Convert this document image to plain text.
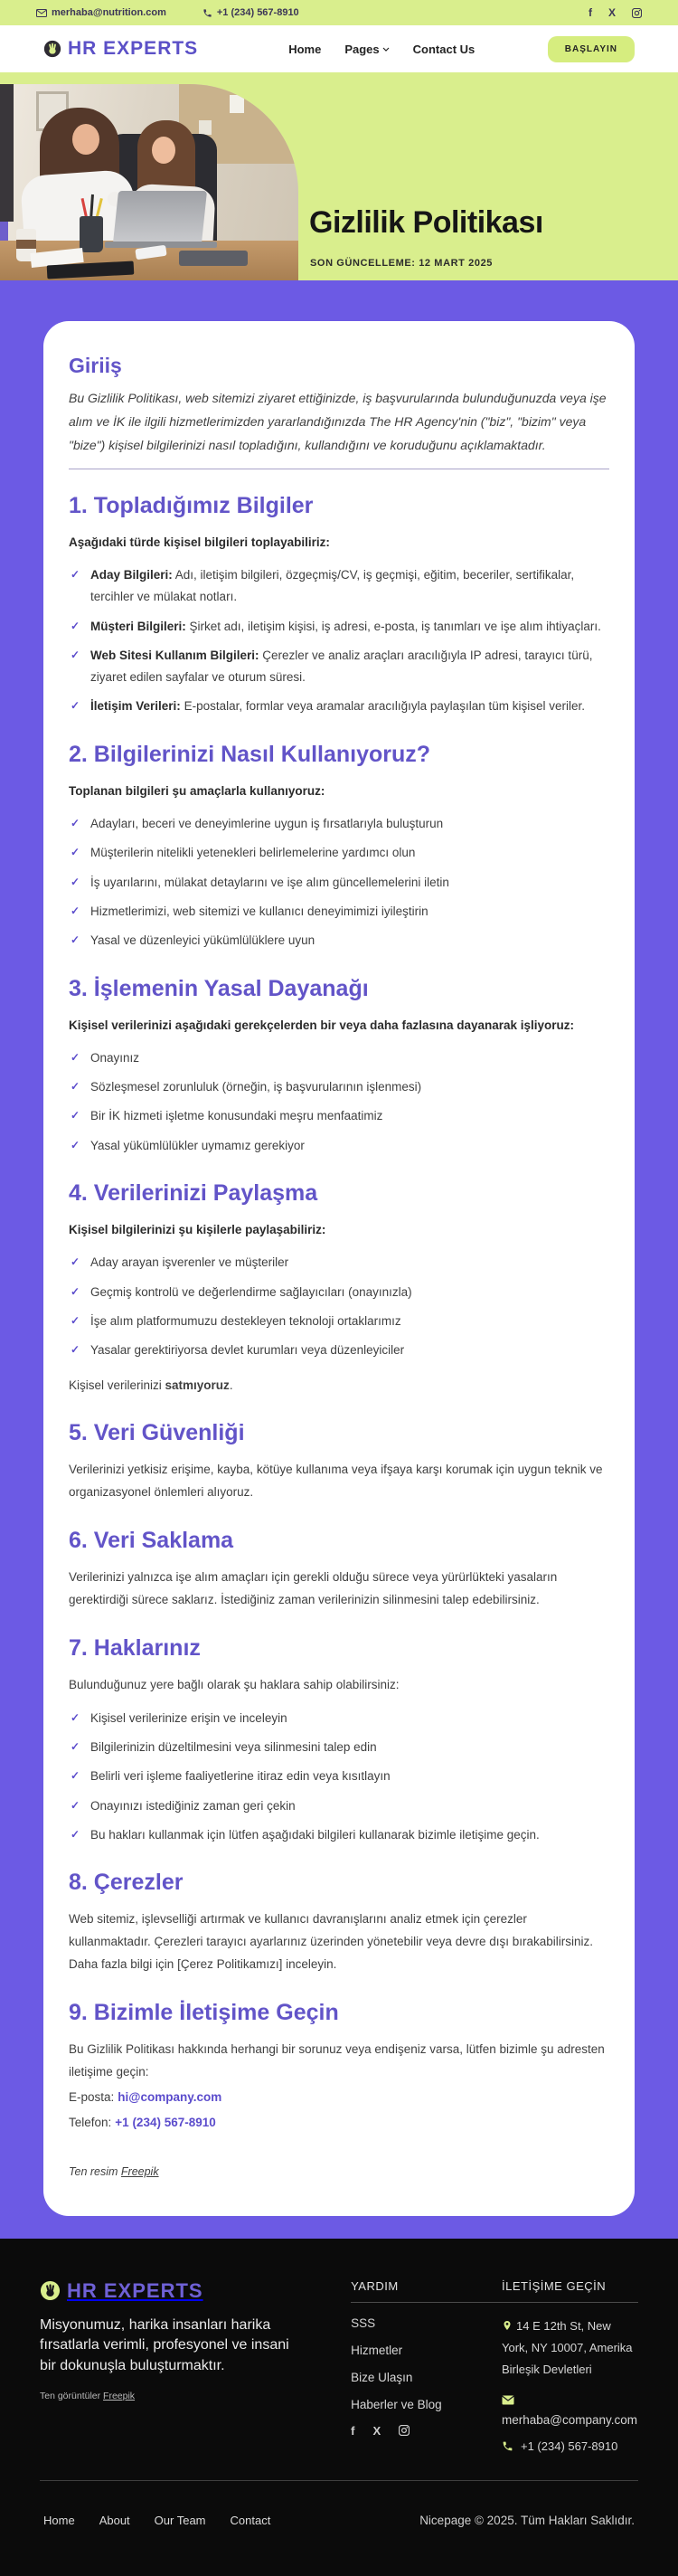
merhaba@nutrition.com	+1 (234) 567-8910	f X
HR EXPERTS	Home Pages	Contact Us	BAŞLAYIN
Gizlilik Politikası

SON GÜNCELLEME: 12 MART 2025

Giriiş

Bu Gizlilik Politikası, web sitemizi ziyaret ettiğinizde, iş başvurularında bulunduğunuzda veya işe alım ve İK ile ilgili hizmetlerimizden yararlandığınızda The HR Agency'nin ("biz", "bizim" veya "bize") kişisel bilgilerinizi nasıl topladığını, kullandığını ve koruduğunu açıklamaktadır.

1. Topladığımız Bilgiler

Aşağıdaki türde kişisel bilgileri toplayabiliriz:

✓ Aday Bilgileri: Adı, iletişim bilgileri, özgeçmiş/CV, iş geçmişi, eğitim, beceriler, sertifikalar, tercihler ve mülakat notları.
✓ Müşteri Bilgileri: Şirket adı, iletişim kişisi, iş adresi, e-posta, iş tanımları ve işe alım ihtiyaçları.
✓ Web Sitesi Kullanım Bilgileri: Çerezler ve analiz araçları aracılığıyla IP adresi, tarayıcı türü, ziyaret edilen sayfalar ve oturum süresi.
✓ İletişim Verileri: E-postalar, formlar veya aramalar aracılığıyla paylaşılan tüm kişisel veriler.
2. Bilgilerinizi Nasıl Kullanıyoruz?

Toplanan bilgileri şu amaçlarla kullanıyoruz:

✓ Adayları, beceri ve deneyimlerine uygun iş fırsatlarıyla buluşturun
✓ Müşterilerin nitelikli yetenekleri belirlemelerine yardımcı olun
✓ İş uyarılarını, mülakat detaylarını ve işe alım güncellemelerini iletin
✓ Hizmetlerimizi, web sitemizi ve kullanıcı deneyimimizi iyileştirin
✓ Yasal ve düzenleyici yükümlülüklere uyun
3. İşlemenin Yasal Dayanağı

Kişisel verilerinizi aşağıdaki gerekçelerden bir veya daha fazlasına dayanarak işliyoruz:

✓ Onayınız
✓ Sözleşmesel zorunluluk (örneğin, iş başvurularının işlenmesi)
✓ Bir İK hizmeti işletme konusundaki meşru menfaatimiz
✓ Yasal yükümlülükler uymamız gerekiyor
4. Verilerinizi Paylaşma

Kişisel bilgilerinizi şu kişilerle paylaşabiliriz:

✓ Aday arayan işverenler ve müşteriler
✓ Geçmiş kontrolü ve değerlendirme sağlayıcıları (onayınızla)
✓ İşe alım platformumuzu destekleyen teknoloji ortaklarımız
✓ Yasalar gerektiriyorsa devlet kurumları veya düzenleyiciler

Kişisel verilerinizi satmıyoruz.

5. Veri Güvenliği

Verilerinizi yetkisiz erişime, kayba, kötüye kullanıma veya ifşaya karşı korumak için uygun teknik ve organizasyonel önlemleri alıyoruz.

6. Veri Saklama

Verilerinizi yalnızca işe alım amaçları için gerekli olduğu sürece veya yürürlükteki yasaların gerektirdiği sürece saklarız. İstediğiniz zaman verilerinizin silinmesini talep edebilirsiniz.

7. Haklarınız

Bulunduğunuz yere bağlı olarak şu haklara sahip olabilirsiniz:

✓ Kişisel verilerinize erişin ve inceleyin
✓ Bilgilerinizin düzeltilmesini veya silinmesini talep edin
✓ Belirli veri işleme faaliyetlerine itiraz edin veya kısıtlayın
✓ Onayınızı istediğiniz zaman geri çekin
✓ Bu hakları kullanmak için lütfen aşağıdaki bilgileri kullanarak bizimle iletişime geçin.
8. Çerezler

Web sitemiz, işlevselliği artırmak ve kullanıcı davranışlarını analiz etmek için çerezler kullanmaktadır. Çerezleri tarayıcı ayarlarınız üzerinden yönetebilir veya devre dışı bırakabilirsiniz. Daha fazla bilgi için [Çerez Politikamızı] inceleyin.

9. Bizimle İletişime Geçin

Bu Gizlilik Politikası hakkında herhangi bir sorunuz veya endişeniz varsa, lütfen bizimle şu adresten iletişime geçin:

E-posta: hi@company.com

Telefon: +1 (234) 567-8910

Ten resim Freepik

HR EXPERTS

Misyonumuz, harika insanları harika fırsatlarla verimli, profesyonel ve insani bir dokunuşla buluşturmaktır.

Ten görüntüler Freepik

YARDIM
SSS
Hizmetler
Bize Ulaşın
Haberler ve Blog
f X
İLETİŞİME GEÇİN

14 E 12th St, New York, NY 10007, Amerika Birleşik Devletleri

merhaba@company.com
+1 (234) 567-8910
Home About Our Team Contact	Nicepage © 2025. Tüm Hakları Saklıdır.
